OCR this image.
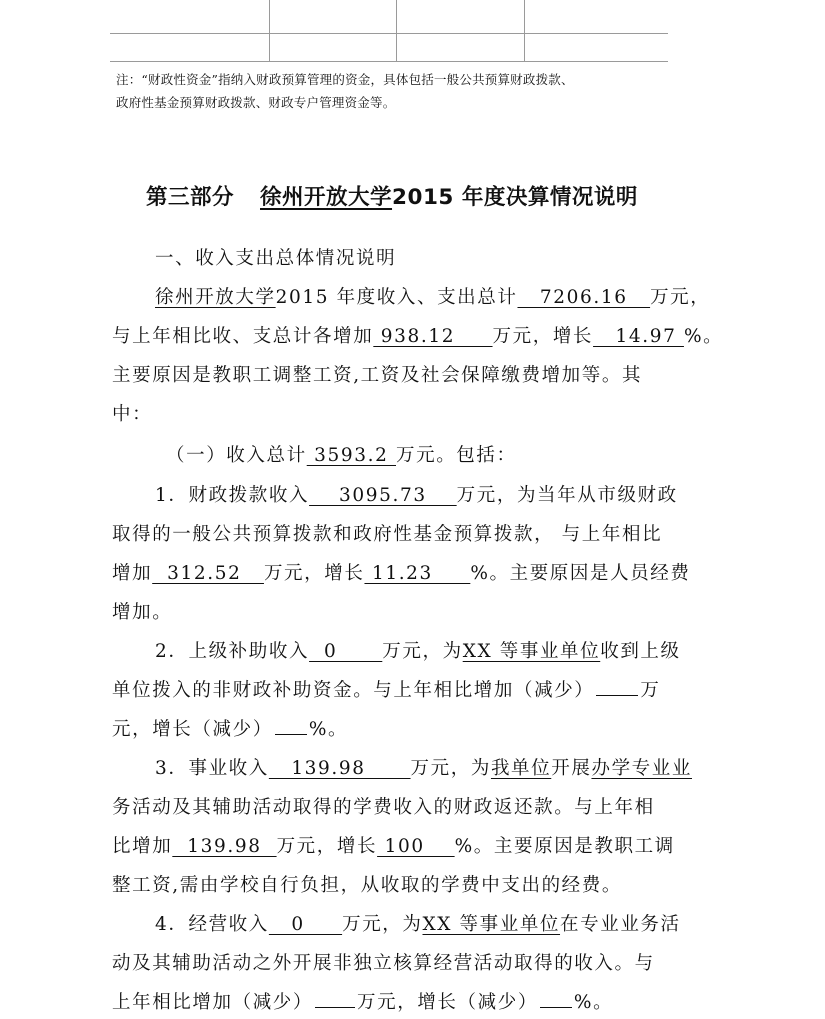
注：“财政性资金”指纳入财政预算管理的资金，具体包括一般公共预算财政拨款、
政府性基金预算财政拨款、财政专户管理资金等。
第三部分 徐州开放大学2015 年度决算情况说明
一、收入支出总体情况说明
徐州开放大学2015 年度收入、支出总计   7206.16   万元，
与上年相比收、支总计各增加 938.12     万元，增长   14.97 %。
主要原因是教职工调整工资,工资及社会保障缴费增加等。其
中：
（一）收入总计 3593.2 万元。包括：
1．财政拨款收入    3095.73    万元，为当年从市级财政
取得的一般公共预算拨款和政府性基金预算拨款， 与上年相比
增加  312.52   万元，增长 11.23     %。主要原因是人员经费
增加。
2．上级补助收入  0      万元，为XX 等事业单位收到上级
单位拨入的非财政补助资金。与上年相比增加（减少） 万
元，增长（减少） %。
3．事业收入   139.98      万元，为我单位开展办学专业业
务活动及其辅助活动取得的学费收入的财政返还款。与上年相
比增加  139.98  万元，增长 100    %。主要原因是教职工调
整工资,需由学校自行负担，从收取的学费中支出的经费。
4．经营收入   0     万元，为XX 等事业单位在专业业务活
动及其辅助活动之外开展非独立核算经营活动取得的收入。与
上年相比增加（减少） 万元，增长（减少） %。
